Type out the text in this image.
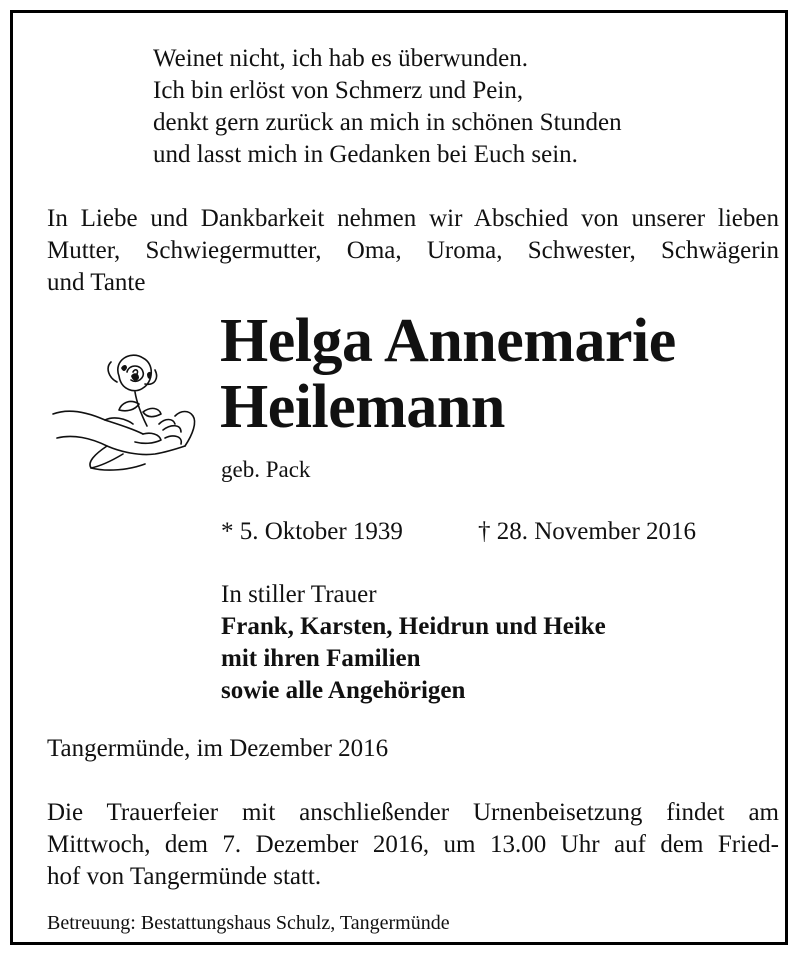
Weinet nicht, ich hab es überwunden.
Ich bin erlöst von Schmerz und Pein,
denkt gern zurück an mich in schönen Stunden
und lasst mich in Gedanken bei Euch sein.
In Liebe und Dankbarkeit nehmen wir Abschied von unserer lieben
Mutter, Schwiegermutter, Oma, Uroma, Schwester, Schwägerin
und Tante
Helga Annemarie
Heilemann
geb. Pack
* 5. Oktober 1939	† 28. November 2016
In stiller Trauer
Frank, Karsten, Heidrun und Heike
mit ihren Familien
sowie alle Angehörigen
Tangermünde, im Dezember 2016
Die Trauerfeier mit anschließender Urnenbeisetzung findet am
Mittwoch, dem 7. Dezember 2016, um 13.00 Uhr auf dem Fried-
hof von Tangermünde statt.
Betreuung: Bestattungshaus Schulz, Tangermünde
